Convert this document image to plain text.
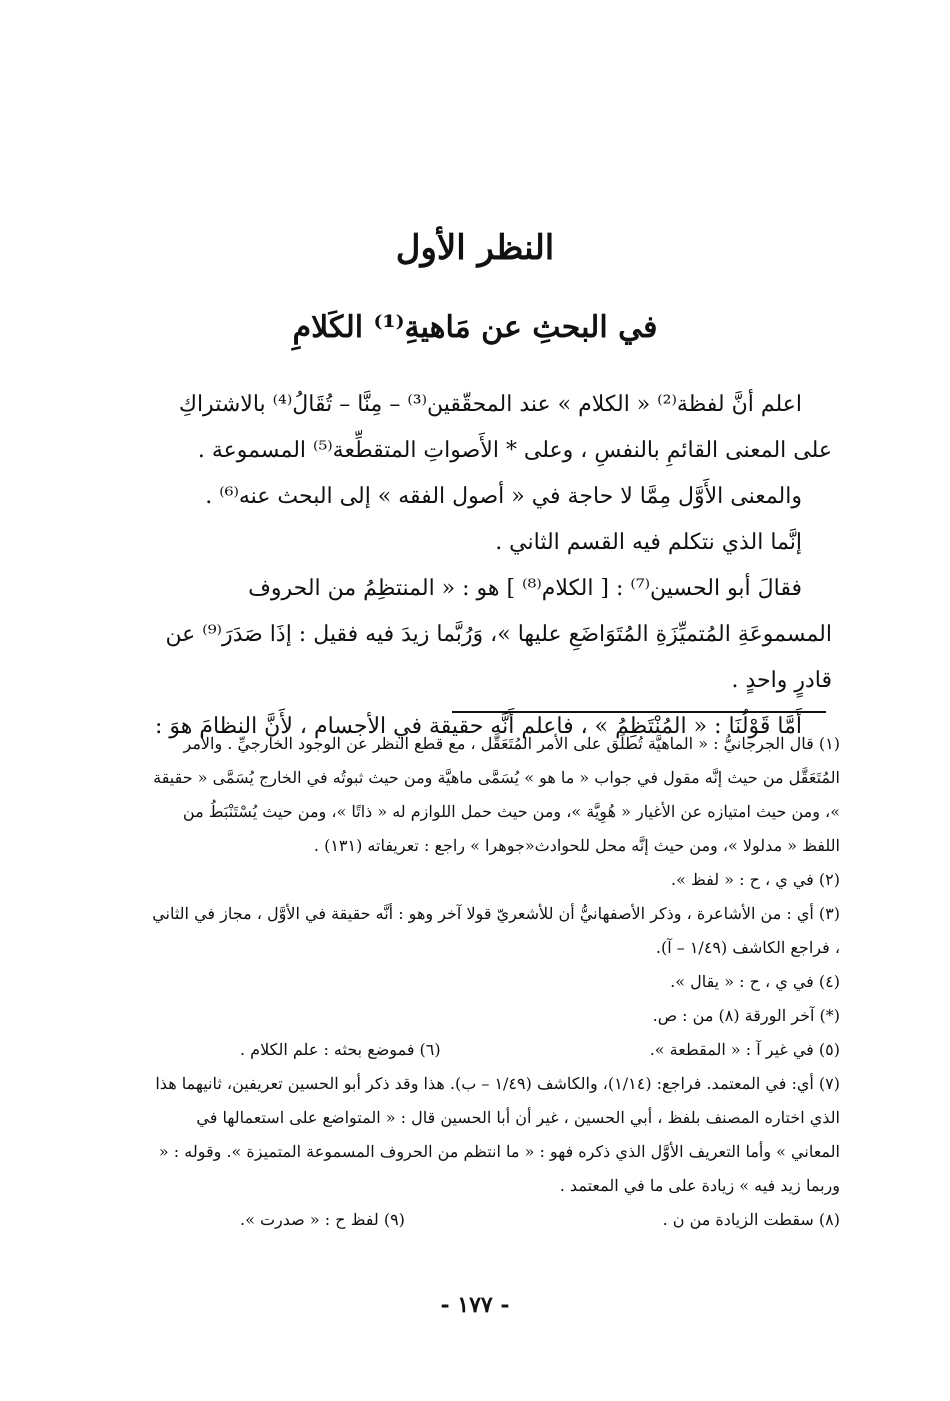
النظر الأول
في البحثِ عن مَاهيةِ⁽¹⁾ الكَلامِ

اعلم أنَّ لفظة⁽²⁾ « الكلام » عند المحقّقين⁽³⁾ – مِنَّا – تُقَالُ⁽⁴⁾ بالاشتراكِ على المعنى القائمِ بالنفسِ ، وعلى * الأَصواتِ المتقطِّعة⁽⁵⁾ المسموعة .

والمعنى الأَوَّل مِمَّا لا حاجة في « أصول الفقه » إلى البحث عنه⁽⁶⁾ .

إنَّما الذي نتكلم فيه القسم الثاني .

فقالَ أبو الحسين⁽⁷⁾ : [ الكلام⁽⁸⁾ ] هو : « المنتظِمُ من الحروف المسموعَةِ المُتميِّزَةِ المُتَوَاضَعِ عليها »، وَرُبَّما زيدَ فيه فقيل : إذَا صَدَرَ⁽⁹⁾ عن قادرٍ واحدٍ .

أَمَّا قَوْلُنَا : « المُنْتَظِمُ » ، فاعلم أَنَّه حقيقة في الأجسام ، لأَنَّ النظامَ هوَ :

(١) قال الجرجانيُّ : « الماهيَّة تُطلَق على الأمر المُتَعَقَّل ، مع قطع النظر عن الوجود الخارجيِّ . والأمر المُتَعَقَّل من حيث إنَّه مقول في جواب « ما هو » يُسَمَّى ماهيَّة ومن حيث ثبوتُه في الخارج يُسَمَّى « حقيقة »، ومن حيث امتيازه عن الأغيار « هُوِيَّة »، ومن حيث حمل اللوازم له « ذاتًا »، ومن حيث يُسْتَنْبَطُ من اللفظ « مدلولا »، ومن حيث إنَّه محل للحوادث«جوهرا » راجع : تعريفاته (١٣١) .

(٢) في ي ، ح : « لفظ ».

(٣) أي : من الأشاعرة ، وذكر الأصفهانيُّ أن للأشعريّ قولا آخر وهو : أنَّه حقيقة في الأوَّل ، مجاز في الثاني ، فراجع الكاشف (١/٤٩ – آ).

(٤) في ي ، ح : « يقال ».

(*) آخر الورقة (٨) من : ص.

(٥) في غير آ : « المقطعة ».
(٦) فموضع بحثه : علم الكلام .

(٧) أي: في المعتمد. فراجع: (١/١٤)، والكاشف (١/٤٩ – ب). هذا وقد ذكر أبو الحسين تعريفين، ثانيهما هذا الذي اختاره المصنف بلفظ ، أبي الحسين ، غير أن أبا الحسين قال : « المتواضع على استعمالها في المعاني » وأما التعريف الأوَّل الذي ذكره فهو : « ما انتظم من الحروف المسموعة المتميزة ». وقوله : « وربما زيد فيه » زيادة على ما في المعتمد .

(٨) سقطت الزيادة من ن .
(٩) لفظ ح : « صدرت ».
- ١٧٧ -
